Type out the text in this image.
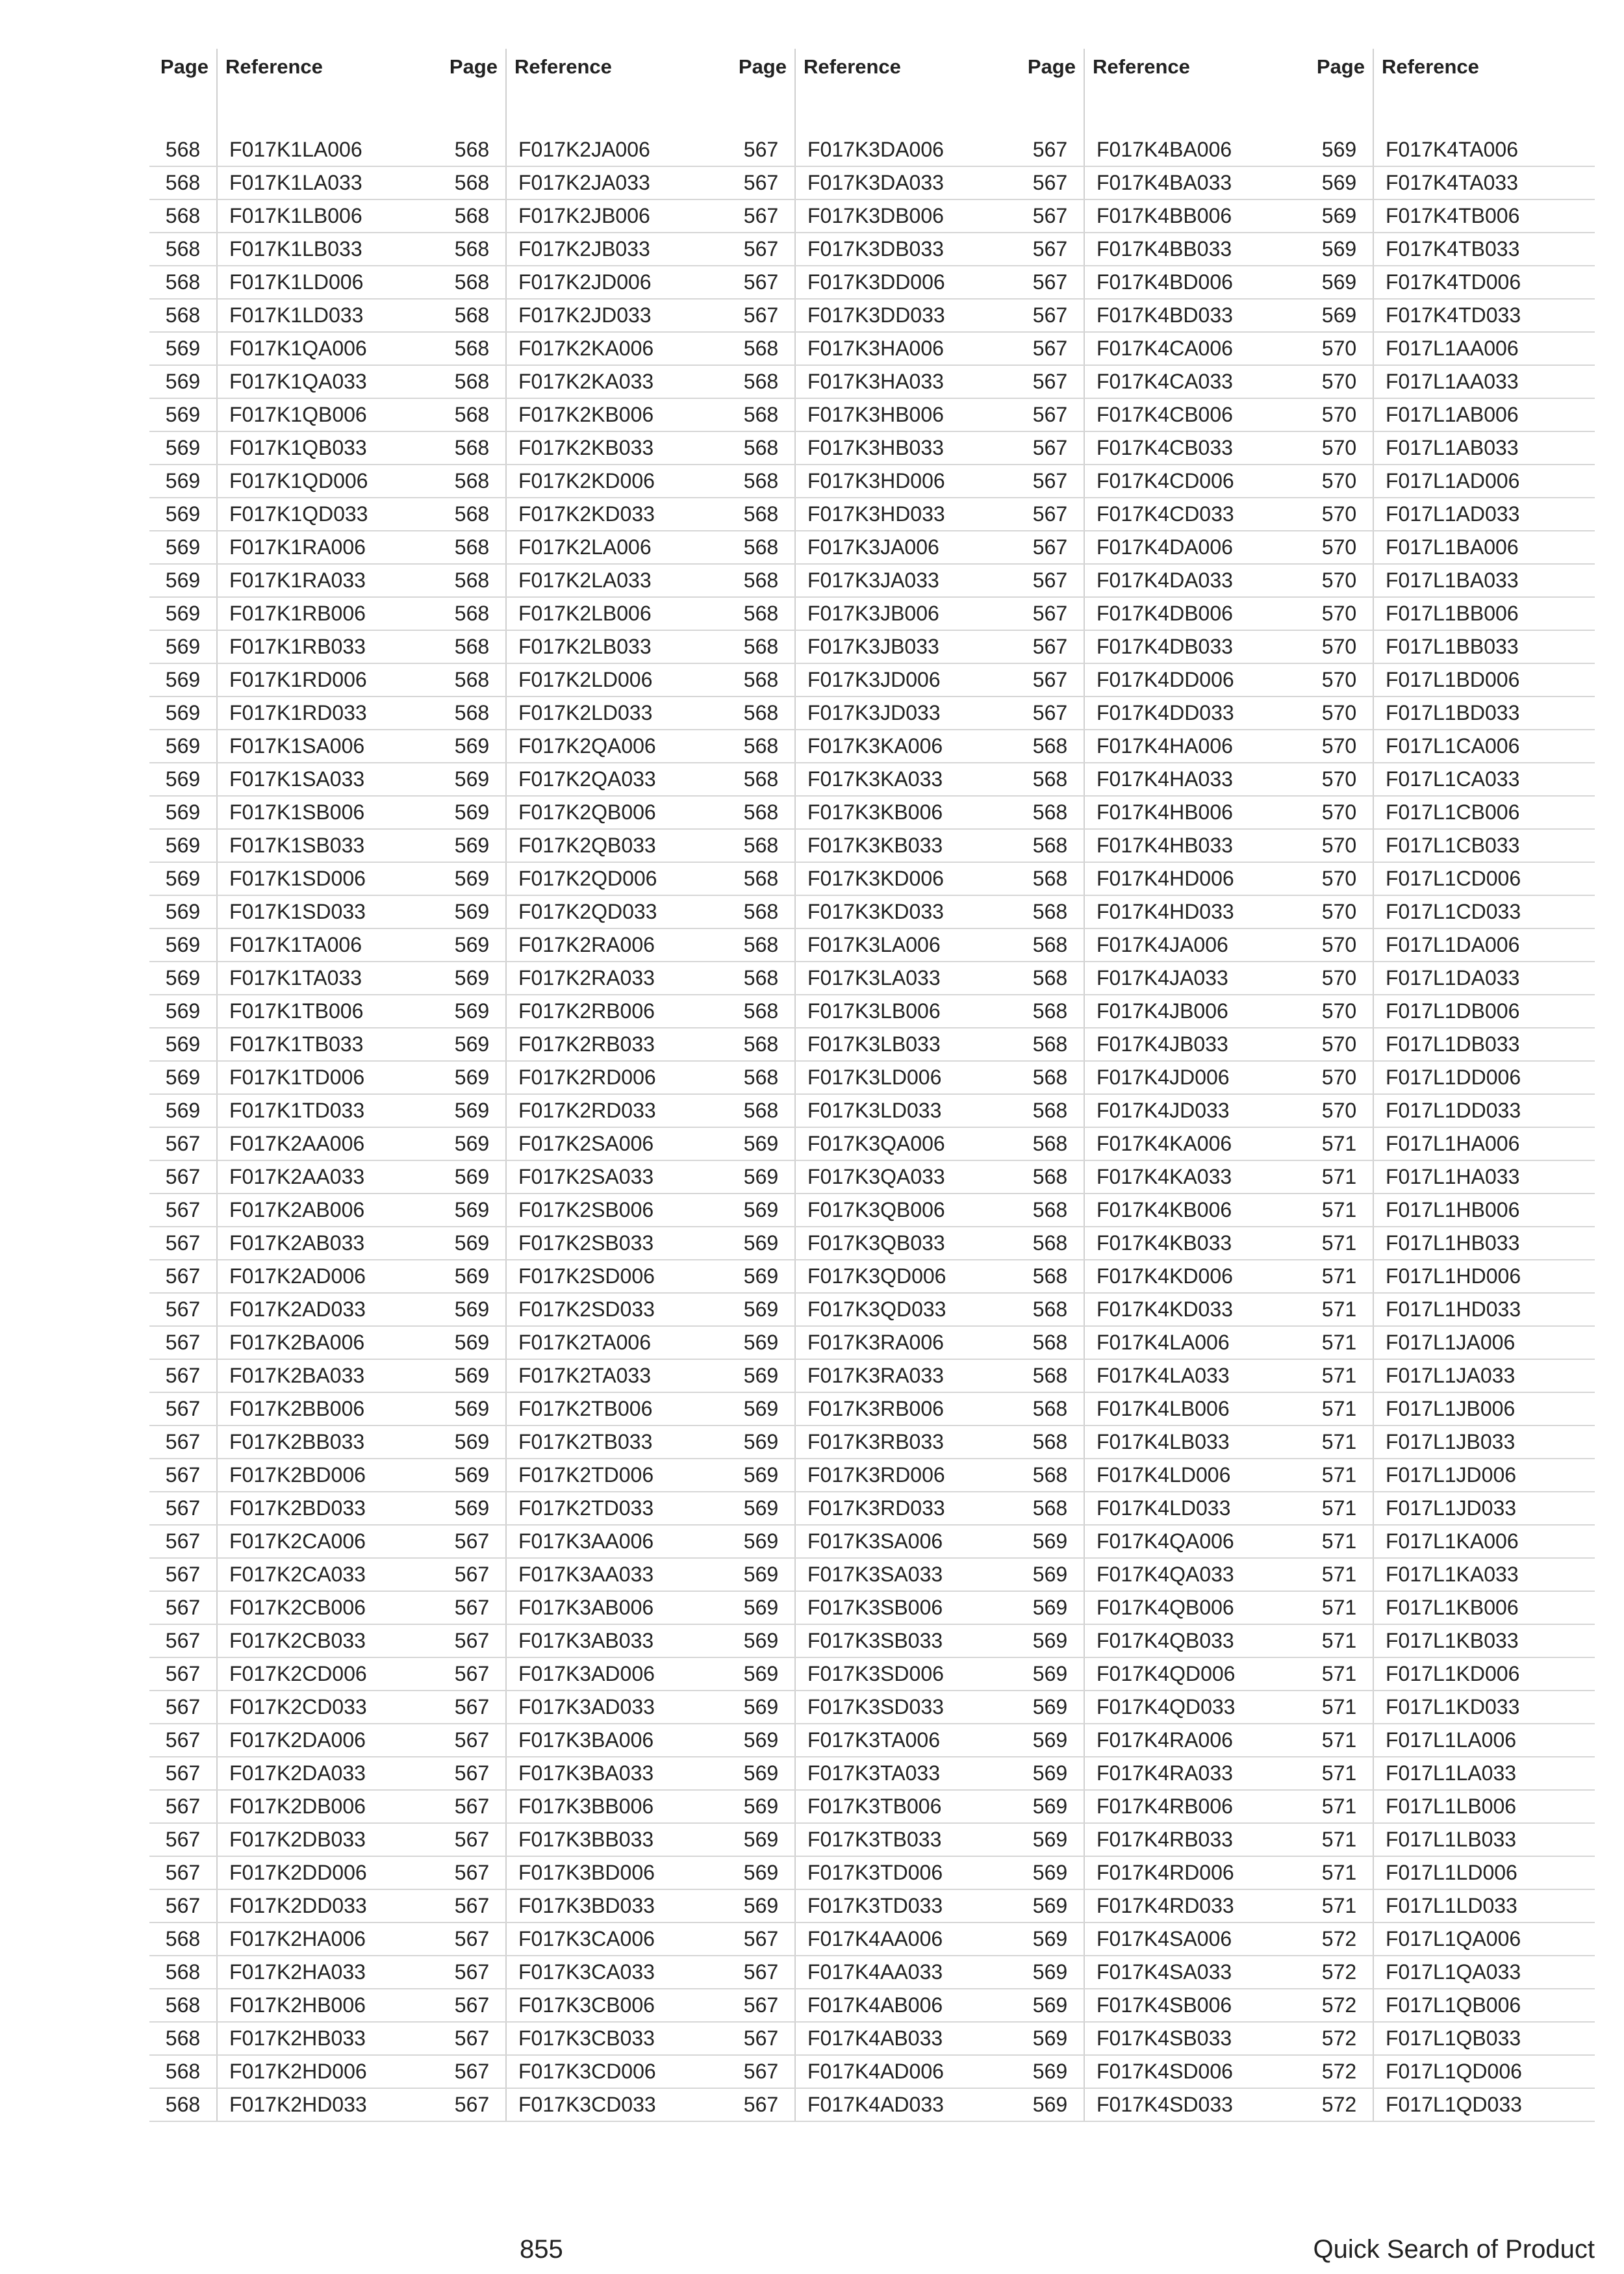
Page	Reference	Page	Reference	Page	Reference	Page	Reference	Page	Reference
568	F017K1LA006	568	F017K2JA006	567	F017K3DA006	567	F017K4BA006	569	F017K4TA006
568	F017K1LA033	568	F017K2JA033	567	F017K3DA033	567	F017K4BA033	569	F017K4TA033
568	F017K1LB006	568	F017K2JB006	567	F017K3DB006	567	F017K4BB006	569	F017K4TB006
568	F017K1LB033	568	F017K2JB033	567	F017K3DB033	567	F017K4BB033	569	F017K4TB033
568	F017K1LD006	568	F017K2JD006	567	F017K3DD006	567	F017K4BD006	569	F017K4TD006
568	F017K1LD033	568	F017K2JD033	567	F017K3DD033	567	F017K4BD033	569	F017K4TD033
569	F017K1QA006	568	F017K2KA006	568	F017K3HA006	567	F017K4CA006	570	F017L1AA006
569	F017K1QA033	568	F017K2KA033	568	F017K3HA033	567	F017K4CA033	570	F017L1AA033
569	F017K1QB006	568	F017K2KB006	568	F017K3HB006	567	F017K4CB006	570	F017L1AB006
569	F017K1QB033	568	F017K2KB033	568	F017K3HB033	567	F017K4CB033	570	F017L1AB033
569	F017K1QD006	568	F017K2KD006	568	F017K3HD006	567	F017K4CD006	570	F017L1AD006
569	F017K1QD033	568	F017K2KD033	568	F017K3HD033	567	F017K4CD033	570	F017L1AD033
569	F017K1RA006	568	F017K2LA006	568	F017K3JA006	567	F017K4DA006	570	F017L1BA006
569	F017K1RA033	568	F017K2LA033	568	F017K3JA033	567	F017K4DA033	570	F017L1BA033
569	F017K1RB006	568	F017K2LB006	568	F017K3JB006	567	F017K4DB006	570	F017L1BB006
569	F017K1RB033	568	F017K2LB033	568	F017K3JB033	567	F017K4DB033	570	F017L1BB033
569	F017K1RD006	568	F017K2LD006	568	F017K3JD006	567	F017K4DD006	570	F017L1BD006
569	F017K1RD033	568	F017K2LD033	568	F017K3JD033	567	F017K4DD033	570	F017L1BD033
569	F017K1SA006	569	F017K2QA006	568	F017K3KA006	568	F017K4HA006	570	F017L1CA006
569	F017K1SA033	569	F017K2QA033	568	F017K3KA033	568	F017K4HA033	570	F017L1CA033
569	F017K1SB006	569	F017K2QB006	568	F017K3KB006	568	F017K4HB006	570	F017L1CB006
569	F017K1SB033	569	F017K2QB033	568	F017K3KB033	568	F017K4HB033	570	F017L1CB033
569	F017K1SD006	569	F017K2QD006	568	F017K3KD006	568	F017K4HD006	570	F017L1CD006
569	F017K1SD033	569	F017K2QD033	568	F017K3KD033	568	F017K4HD033	570	F017L1CD033
569	F017K1TA006	569	F017K2RA006	568	F017K3LA006	568	F017K4JA006	570	F017L1DA006
569	F017K1TA033	569	F017K2RA033	568	F017K3LA033	568	F017K4JA033	570	F017L1DA033
569	F017K1TB006	569	F017K2RB006	568	F017K3LB006	568	F017K4JB006	570	F017L1DB006
569	F017K1TB033	569	F017K2RB033	568	F017K3LB033	568	F017K4JB033	570	F017L1DB033
569	F017K1TD006	569	F017K2RD006	568	F017K3LD006	568	F017K4JD006	570	F017L1DD006
569	F017K1TD033	569	F017K2RD033	568	F017K3LD033	568	F017K4JD033	570	F017L1DD033
567	F017K2AA006	569	F017K2SA006	569	F017K3QA006	568	F017K4KA006	571	F017L1HA006
567	F017K2AA033	569	F017K2SA033	569	F017K3QA033	568	F017K4KA033	571	F017L1HA033
567	F017K2AB006	569	F017K2SB006	569	F017K3QB006	568	F017K4KB006	571	F017L1HB006
567	F017K2AB033	569	F017K2SB033	569	F017K3QB033	568	F017K4KB033	571	F017L1HB033
567	F017K2AD006	569	F017K2SD006	569	F017K3QD006	568	F017K4KD006	571	F017L1HD006
567	F017K2AD033	569	F017K2SD033	569	F017K3QD033	568	F017K4KD033	571	F017L1HD033
567	F017K2BA006	569	F017K2TA006	569	F017K3RA006	568	F017K4LA006	571	F017L1JA006
567	F017K2BA033	569	F017K2TA033	569	F017K3RA033	568	F017K4LA033	571	F017L1JA033
567	F017K2BB006	569	F017K2TB006	569	F017K3RB006	568	F017K4LB006	571	F017L1JB006
567	F017K2BB033	569	F017K2TB033	569	F017K3RB033	568	F017K4LB033	571	F017L1JB033
567	F017K2BD006	569	F017K2TD006	569	F017K3RD006	568	F017K4LD006	571	F017L1JD006
567	F017K2BD033	569	F017K2TD033	569	F017K3RD033	568	F017K4LD033	571	F017L1JD033
567	F017K2CA006	567	F017K3AA006	569	F017K3SA006	569	F017K4QA006	571	F017L1KA006
567	F017K2CA033	567	F017K3AA033	569	F017K3SA033	569	F017K4QA033	571	F017L1KA033
567	F017K2CB006	567	F017K3AB006	569	F017K3SB006	569	F017K4QB006	571	F017L1KB006
567	F017K2CB033	567	F017K3AB033	569	F017K3SB033	569	F017K4QB033	571	F017L1KB033
567	F017K2CD006	567	F017K3AD006	569	F017K3SD006	569	F017K4QD006	571	F017L1KD006
567	F017K2CD033	567	F017K3AD033	569	F017K3SD033	569	F017K4QD033	571	F017L1KD033
567	F017K2DA006	567	F017K3BA006	569	F017K3TA006	569	F017K4RA006	571	F017L1LA006
567	F017K2DA033	567	F017K3BA033	569	F017K3TA033	569	F017K4RA033	571	F017L1LA033
567	F017K2DB006	567	F017K3BB006	569	F017K3TB006	569	F017K4RB006	571	F017L1LB006
567	F017K2DB033	567	F017K3BB033	569	F017K3TB033	569	F017K4RB033	571	F017L1LB033
567	F017K2DD006	567	F017K3BD006	569	F017K3TD006	569	F017K4RD006	571	F017L1LD006
567	F017K2DD033	567	F017K3BD033	569	F017K3TD033	569	F017K4RD033	571	F017L1LD033
568	F017K2HA006	567	F017K3CA006	567	F017K4AA006	569	F017K4SA006	572	F017L1QA006
568	F017K2HA033	567	F017K3CA033	567	F017K4AA033	569	F017K4SA033	572	F017L1QA033
568	F017K2HB006	567	F017K3CB006	567	F017K4AB006	569	F017K4SB006	572	F017L1QB006
568	F017K2HB033	567	F017K3CB033	567	F017K4AB033	569	F017K4SB033	572	F017L1QB033
568	F017K2HD006	567	F017K3CD006	567	F017K4AD006	569	F017K4SD006	572	F017L1QD006
568	F017K2HD033	567	F017K3CD033	567	F017K4AD033	569	F017K4SD033	572	F017L1QD033
855	Quick Search of Product
